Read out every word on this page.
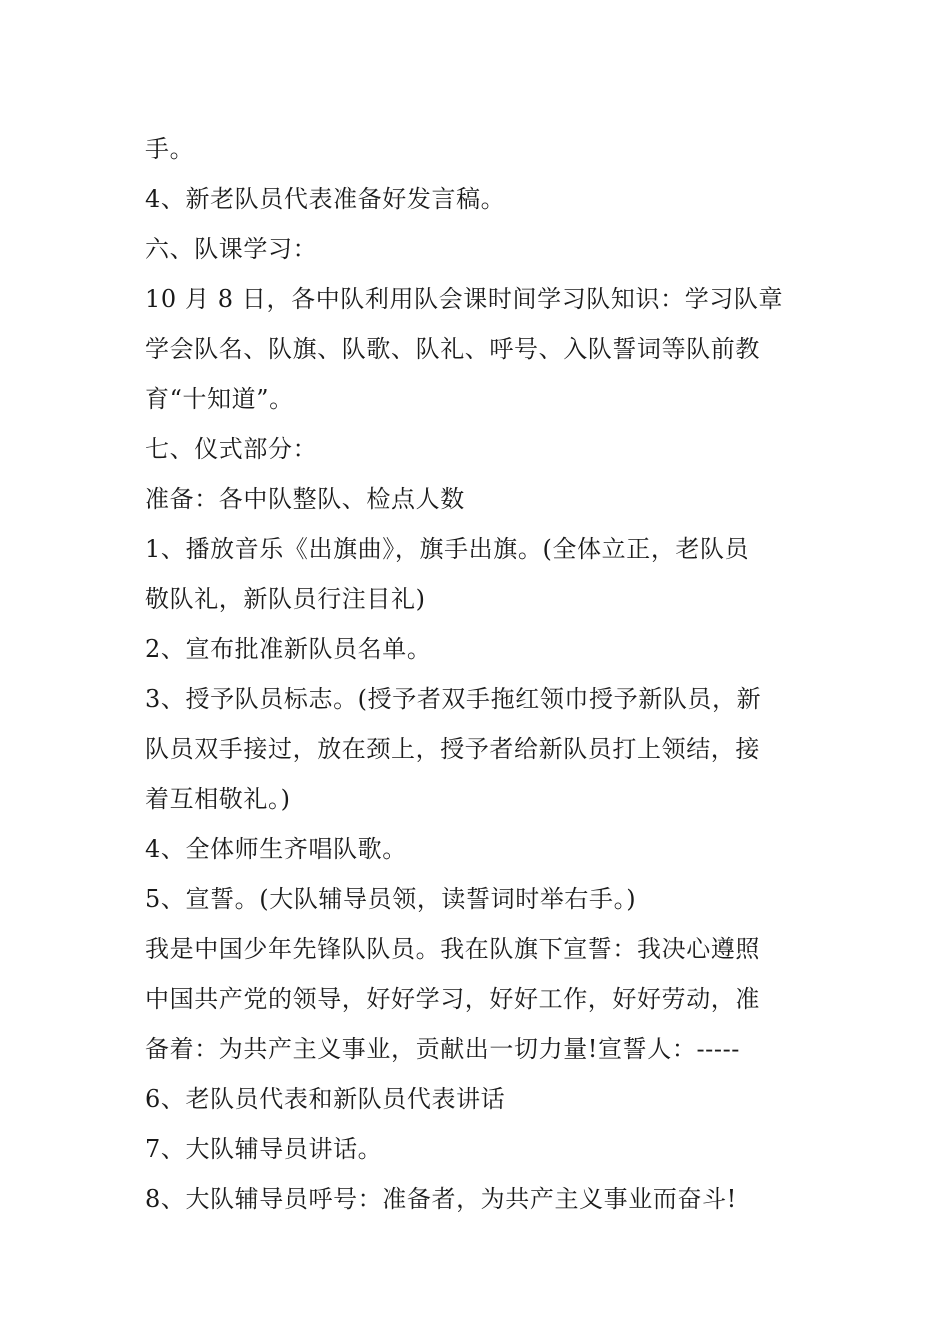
手。
4、新老队员代表准备好发言稿。
六、队课学习：
10 月 8 日，各中队利用队会课时间学习队知识：学习队章
学会队名、队旗、队歌、队礼、呼号、入队誓词等队前教
育“十知道”。
七、仪式部分：
准备：各中队整队、检点人数
1、播放音乐《出旗曲》，旗手出旗。(全体立正，老队员
敬队礼，新队员行注目礼)
2、宣布批准新队员名单。
3、授予队员标志。(授予者双手拖红领巾授予新队员，新
队员双手接过，放在颈上，授予者给新队员打上领结，接
着互相敬礼。)
4、全体师生齐唱队歌。
5、宣誓。(大队辅导员领，读誓词时举右手。)
我是中国少年先锋队队员。我在队旗下宣誓：我决心遵照
中国共产党的领导，好好学习，好好工作，好好劳动，准
备着：为共产主义事业，贡献出一切力量!宣誓人：-----
6、老队员代表和新队员代表讲话
7、大队辅导员讲话。
8、大队辅导员呼号：准备者，为共产主义事业而奋斗!
